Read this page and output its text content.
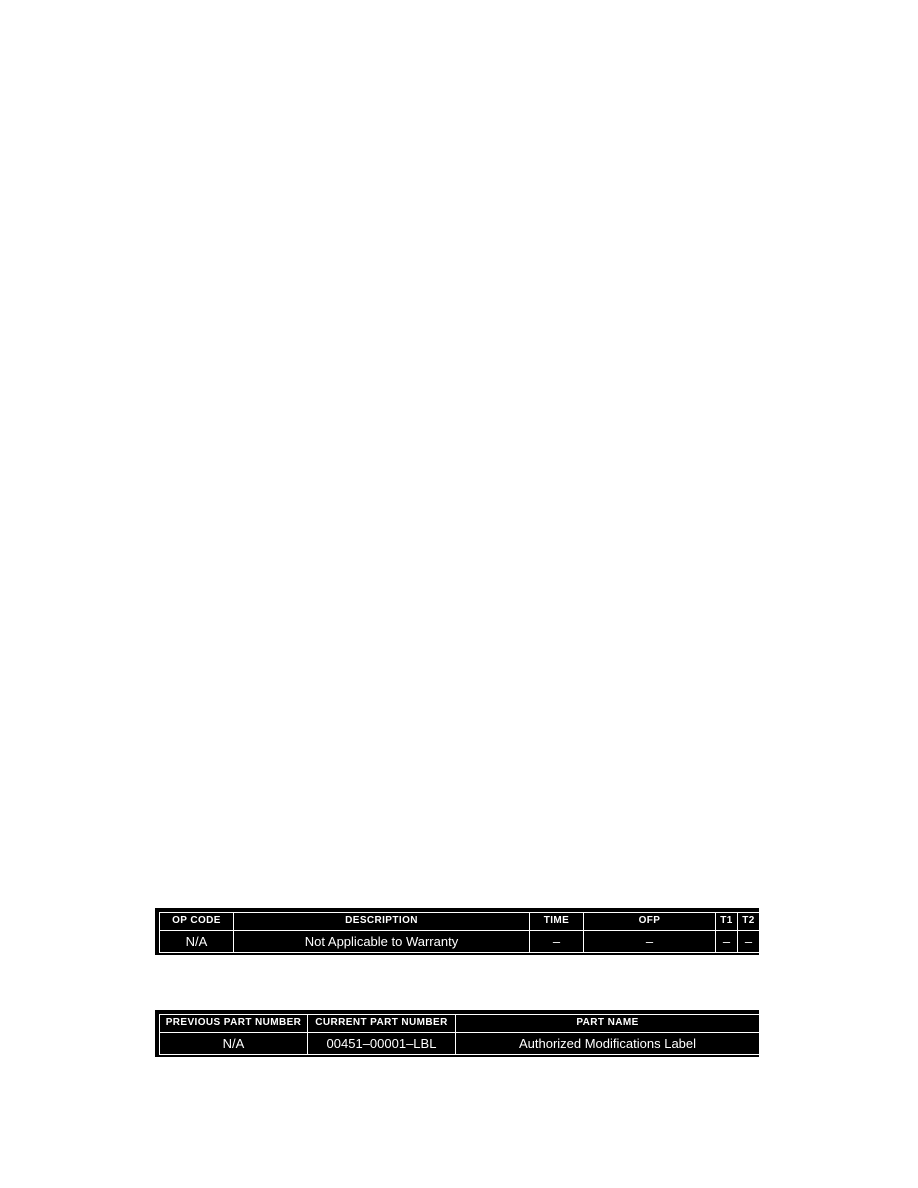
OP CODE	DESCRIPTION	TIME	OFP	T1	T2
N/A	Not Applicable to Warranty	–	–	–	–
PREVIOUS PART NUMBER	CURRENT PART NUMBER	PART NAME
N/A	00451–00001–LBL	Authorized Modifications Label
